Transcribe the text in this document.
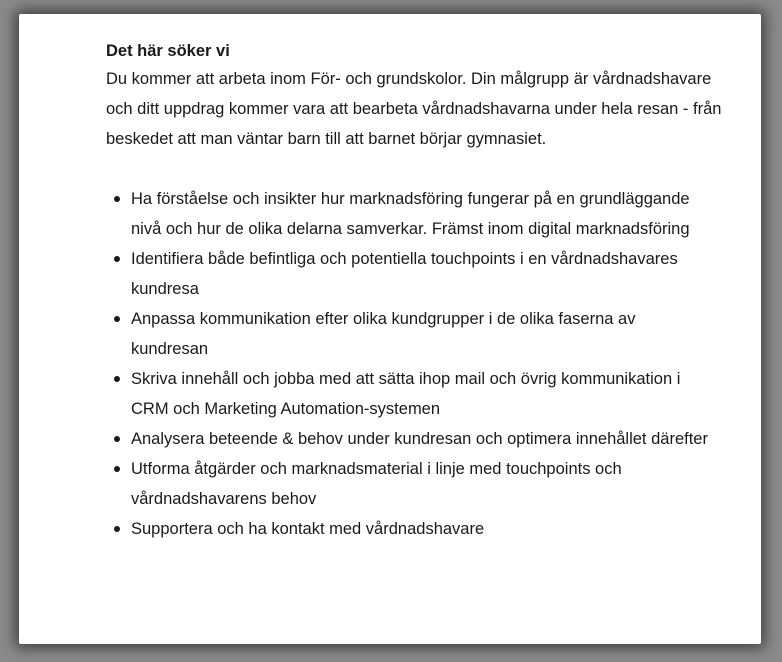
Det här söker vi

Du kommer att arbeta inom För- och grundskolor. Din målgrupp är vårdnadshavare och ditt uppdrag kommer vara att bearbeta vårdnadshavarna under hela resan - från beskedet att man väntar barn till att barnet börjar gymnasiet.

Ha förståelse och insikter hur marknadsföring fungerar på en grundläggande nivå och hur de olika delarna samverkar. Främst inom digital marknadsföring
Identifiera både befintliga och potentiella touchpoints i en vårdnadshavares kundresa
Anpassa kommunikation efter olika kundgrupper i de olika faserna av kundresan
Skriva innehåll och jobba med att sätta ihop mail och övrig kommunikation i CRM och Marketing Automation-systemen
Analysera beteende & behov under kundresan och optimera innehållet därefter
Utforma åtgärder och marknadsmaterial i linje med touchpoints och vårdnadshavarens behov
Supportera och ha kontakt med vårdnadshavare
